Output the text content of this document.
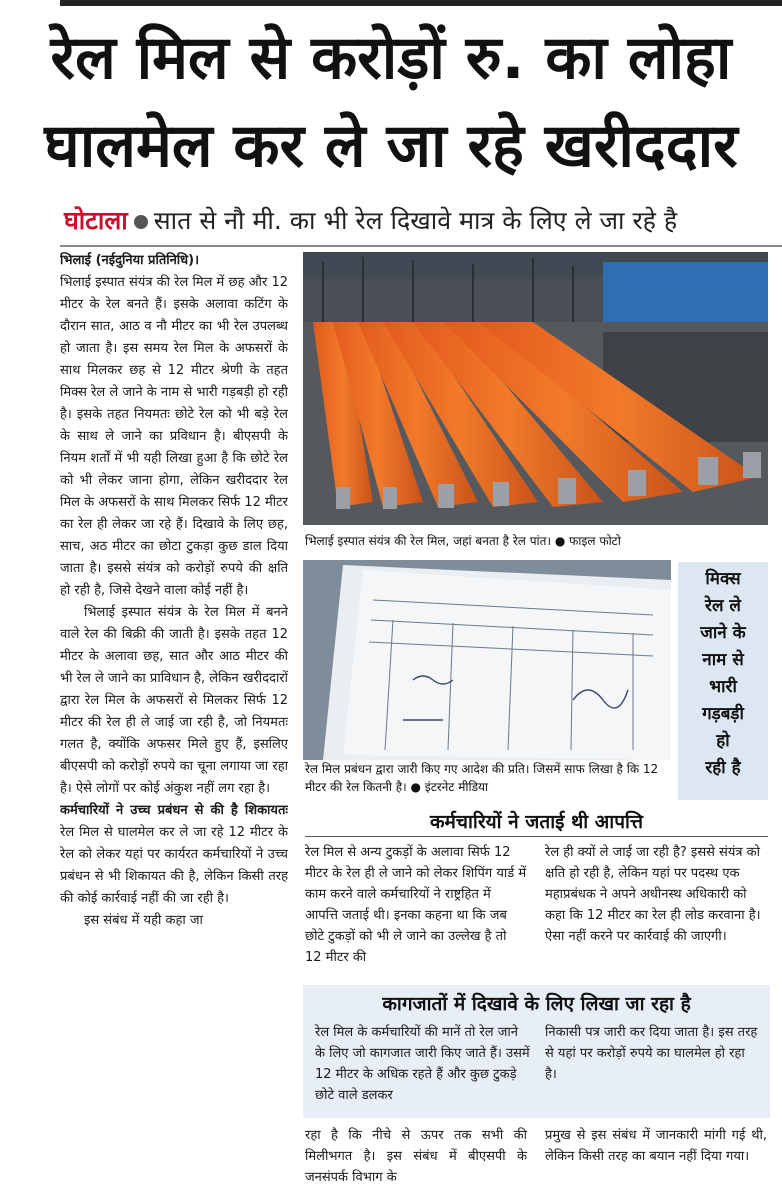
रेल मिल से करोड़ों रु. का लोहा
घालमेल कर ले जा रहे खरीददार
घोटाला सात से नौ मी. का भी रेल दिखावे मात्र के लिए ले जा रहे है

भिलाई (नईदुनिया प्रतिनिधि)।

भिलाई इस्पात संयंत्र की रेल मिल में छह और 12 मीटर के रेल बनते हैं। इसके अलावा कटिंग के दौरान सात, आठ व नौ मीटर का भी रेल उपलब्ध हो जाता है। इस समय रेल मिल के अफसरों के साथ मिलकर छह से 12 मीटर श्रेणी के तहत मिक्स रेल ले जाने के नाम से भारी गड़बड़ी हो रही है। इसके तहत नियमतः छोटे रेल को भी बड़े रेल के साथ ले जाने का प्रविधान है। बीएसपी के नियम शर्तों में भी यही लिखा हुआ है कि छोटे रेल को भी लेकर जाना होगा, लेकिन खरीददार रेल मिल के अफसरों के साथ मिलकर सिर्फ 12 मीटर का रेल ही लेकर जा रहे हैं। दिखावे के लिए छह, साच, अठ मीटर का छोटा टुकड़ा कुछ डाल दिया जाता है। इससे संयंत्र को करोड़ों रुपये की क्षति हो रही है, जिसे देखने वाला कोई नहीं है।

भिलाई इस्पात संयंत्र के रेल मिल में बनने वाले रेल की बिक्री की जाती है। इसके तहत 12 मीटर के अलावा छह, सात और आठ मीटर की भी रेल ले जाने का प्राविधान है, लेकिन खरीददारों द्वारा रेल मिल के अफसरों से मिलकर सिर्फ 12 मीटर की रेल ही ले जाई जा रही है, जो नियमतः गलत है, क्योंकि अफसर मिले हुए हैं, इसलिए बीएसपी को करोड़ों रुपये का चूना लगाया जा रहा है। ऐसे लोगों पर कोई अंकुश नहीं लग रहा है।

कर्मचारियों ने उच्च प्रबंधन से की है शिकायतः रेल मिल से घालमेल कर ले जा रहे 12 मीटर के रेल को लेकर यहां पर कार्यरत कर्मचारियों ने उच्च प्रबंधन से भी शिकायत की है, लेकिन किसी तरह की कोई कार्रवाई नहीं की जा रही है।

इस संबंध में यही कहा जा

भिलाई इस्पात संयंत्र की रेल मिल, जहां बनता है रेल पांत। ● फाइल फोटो
रेल मिल प्रबंधन द्वारा जारी किए गए आदेश की प्रति। जिसमें साफ लिखा है कि 12 मीटर की रेल कितनी है। ● इंटरनेट मीडिया
मिक्स
रेल ले
जाने के
नाम से
भारी
गड़बड़ी
हो
रही है
कर्मचारियों ने जताई थी आपत्ति
रेल मिल से अन्य टुकड़ों के अलावा सिर्फ 12 मीटर के रेल ही ले जाने को लेकर शिपिंग यार्ड में काम करने वाले कर्मचारियों ने राष्ट्रहित में आपत्ति जताई थी। इनका कहना था कि जब छोटे टुकड़ों को भी ले जाने का उल्लेख है तो 12 मीटर की
रेल ही क्यों ले जाई जा रही है? इससे संयंत्र को क्षति हो रही है, लेकिन यहां पर पदस्थ एक महाप्रबंधक ने अपने अधीनस्थ अधिकारी को कहा कि 12 मीटर का रेल ही लोड करवाना है। ऐसा नहीं करने पर कार्रवाई की जाएगी।
कागजातों में दिखावे के लिए लिखा जा रहा है
रेल मिल के कर्मचारियों की मानें तो रेल जाने के लिए जो कागजात जारी किए जाते हैं। उसमें 12 मीटर के अधिक रहते हैं और कुछ टुकड़े छोटे वाले डलकर
निकासी पत्र जारी कर दिया जाता है। इस तरह से यहां पर करोड़ों रुपये का घालमेल हो रहा है।
रहा है कि नीचे से ऊपर तक सभी की मिलीभगत है। इस संबंध में बीएसपी के जनसंपर्क विभाग के
प्रमुख से इस संबंध में जानकारी मांगी गई थी, लेकिन किसी तरह का बयान नहीं दिया गया।
